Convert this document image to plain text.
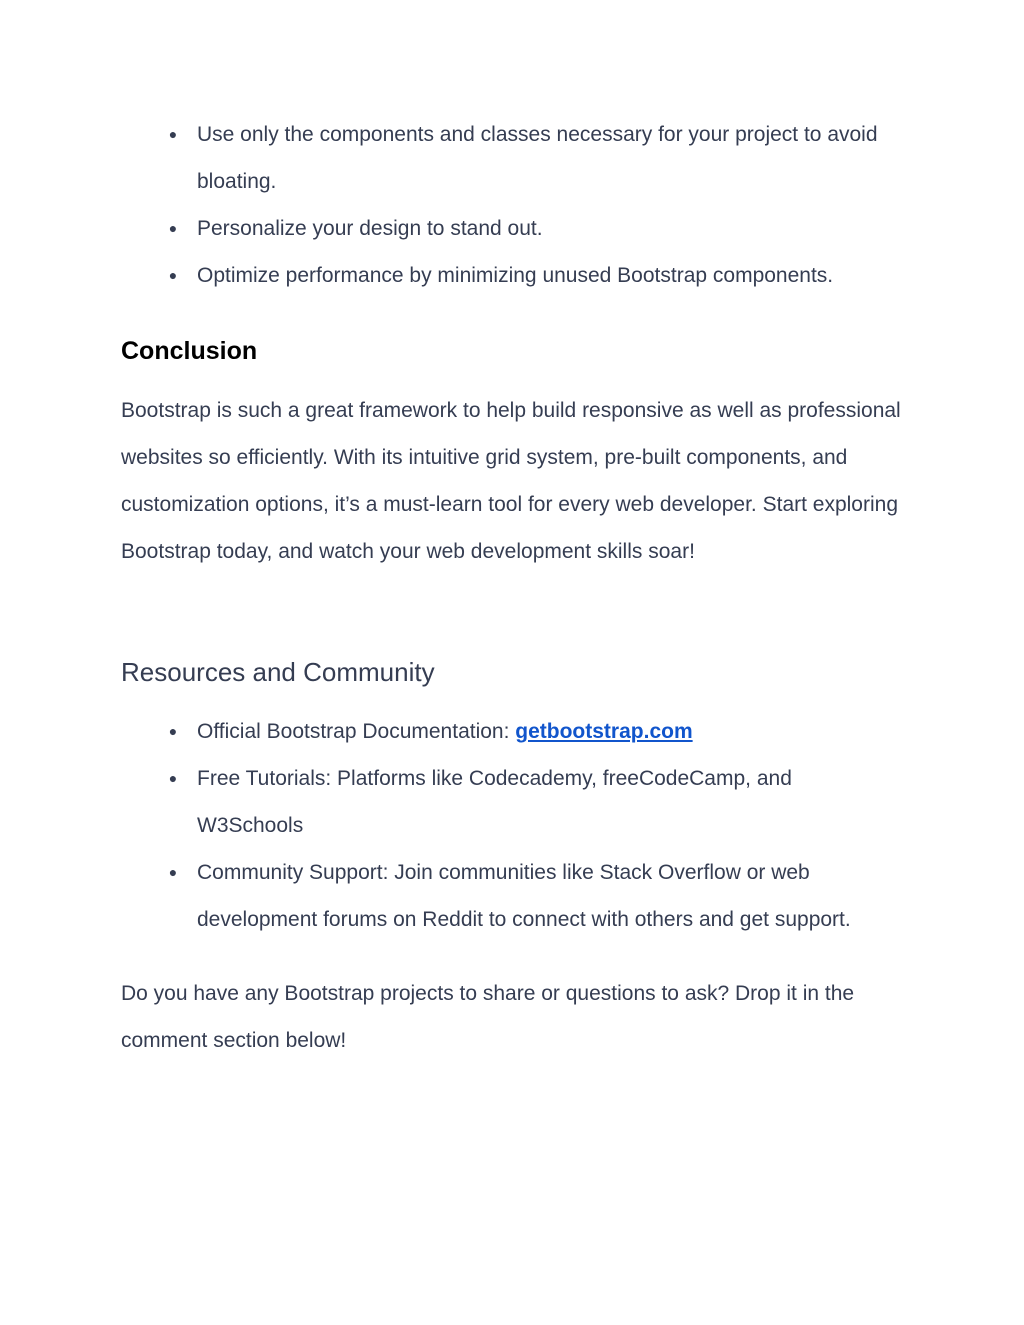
● Use only the components and classes necessary for your project to avoid bloating.
● Personalize your design to stand out.
● Optimize performance by minimizing unused Bootstrap components.
Conclusion

Bootstrap is such a great framework to help build responsive as well as professional websites so efficiently. With its intuitive grid system, pre-built components, and customization options, it’s a must-learn tool for every web developer. Start exploring Bootstrap today, and watch your web development skills soar!

Resources and Community
● Official Bootstrap Documentation: getbootstrap.com
● Free Tutorials: Platforms like Codecademy, freeCodeCamp, and W3Schools
● Community Support: Join communities like Stack Overflow or web development forums on Reddit to connect with others and get support.

Do you have any Bootstrap projects to share or questions to ask? Drop it in the comment section below!
